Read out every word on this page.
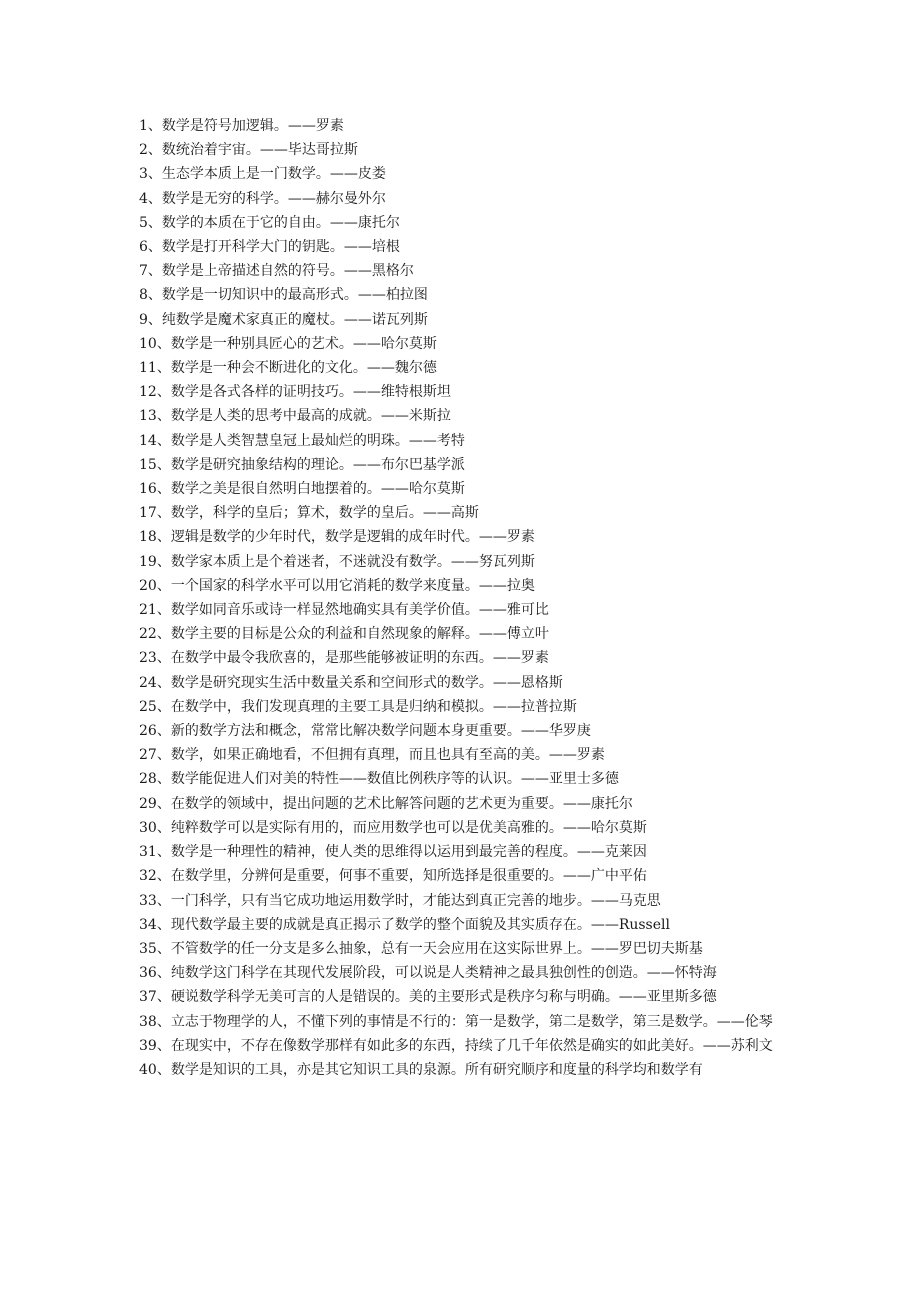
1、数学是符号加逻辑。——罗素

2、数统治着宇宙。——毕达哥拉斯

3、生态学本质上是一门数学。——皮娄

4、数学是无穷的科学。——赫尔曼外尔

5、数学的本质在于它的自由。——康托尔

6、数学是打开科学大门的钥匙。——培根

7、数学是上帝描述自然的符号。——黑格尔

8、数学是一切知识中的最高形式。——柏拉图

9、纯数学是魔术家真正的魔杖。——诺瓦列斯

10、数学是一种别具匠心的艺术。——哈尔莫斯

11、数学是一种会不断进化的文化。——魏尔德

12、数学是各式各样的证明技巧。——维特根斯坦

13、数学是人类的思考中最高的成就。——米斯拉

14、数学是人类智慧皇冠上最灿烂的明珠。——考特

15、数学是研究抽象结构的理论。——布尔巴基学派

16、数学之美是很自然明白地摆着的。——哈尔莫斯

17、数学，科学的皇后；算术，数学的皇后。——高斯

18、逻辑是数学的少年时代，数学是逻辑的成年时代。——罗素

19、数学家本质上是个着迷者，不迷就没有数学。——努瓦列斯

20、一个国家的科学水平可以用它消耗的数学来度量。——拉奥

21、数学如同音乐或诗一样显然地确实具有美学价值。——雅可比

22、数学主要的目标是公众的利益和自然现象的解释。——傅立叶

23、在数学中最令我欣喜的，是那些能够被证明的东西。——罗素

24、数学是研究现实生活中数量关系和空间形式的数学。——恩格斯

25、在数学中，我们发现真理的主要工具是归纳和模拟。——拉普拉斯

26、新的数学方法和概念，常常比解决数学问题本身更重要。——华罗庚

27、数学，如果正确地看，不但拥有真理，而且也具有至高的美。——罗素

28、数学能促进人们对美的特性——数值比例秩序等的认识。——亚里士多德

29、在数学的领域中，提出问题的艺术比解答问题的艺术更为重要。——康托尔

30、纯粹数学可以是实际有用的，而应用数学也可以是优美高雅的。——哈尔莫斯

31、数学是一种理性的精神，使人类的思维得以运用到最完善的程度。——克莱因

32、在数学里，分辨何是重要，何事不重要，知所选择是很重要的。——广中平佑

33、一门科学，只有当它成功地运用数学时，才能达到真正完善的地步。——马克思

34、现代数学最主要的成就是真正揭示了数学的整个面貌及其实质存在。——Russell

35、不管数学的任一分支是多么抽象，总有一天会应用在这实际世界上。——罗巴切夫斯基

36、纯数学这门科学在其现代发展阶段，可以说是人类精神之最具独创性的创造。——怀特海

37、硬说数学科学无美可言的人是错误的。美的主要形式是秩序匀称与明确。——亚里斯多德

38、立志于物理学的人，不懂下列的事情是不行的：第一是数学，第二是数学，第三是数学。——伦琴

39、在现实中，不存在像数学那样有如此多的东西，持续了几千年依然是确实的如此美好。——苏利文

40、数学是知识的工具，亦是其它知识工具的泉源。所有研究顺序和度量的科学均和数学有
